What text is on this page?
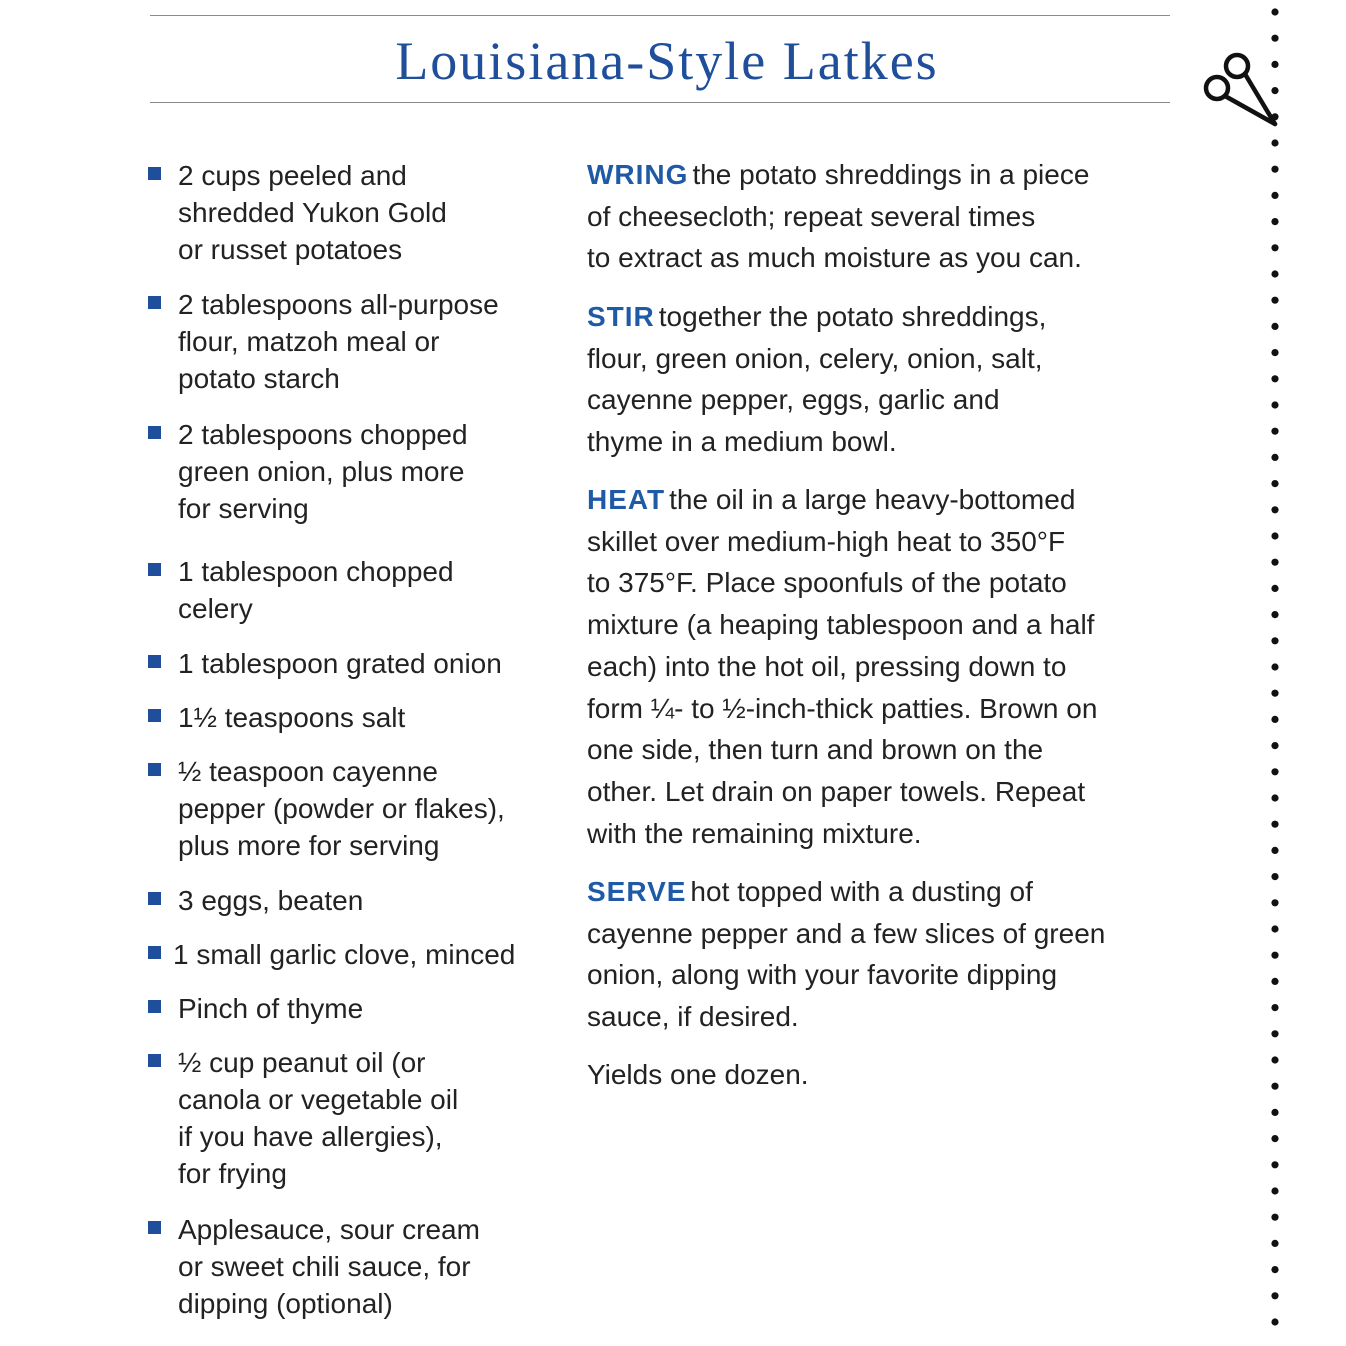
Louisiana-Style Latkes
2 cups peeled and
shredded Yukon Gold
or russet potatoes
2 tablespoons all-purpose
flour, matzoh meal or
potato starch
2 tablespoons chopped
green onion, plus more
for serving
1 tablespoon chopped
celery
1 tablespoon grated onion
1½ teaspoons salt
½ teaspoon cayenne
pepper (powder or flakes),
plus more for serving
3 eggs, beaten
1 small garlic clove, minced
Pinch of thyme
½ cup peanut oil (or
canola or vegetable oil
if you have allergies),
for frying
Applesauce, sour cream
or sweet chili sauce, for
dipping (optional)
WRING the potato shreddings in a piece
of cheesecloth; repeat several times
to extract as much moisture as you can.
STIR together the potato shreddings,
flour, green onion, celery, onion, salt,
cayenne pepper, eggs, garlic and
thyme in a medium bowl.
HEAT the oil in a large heavy-bottomed
skillet over medium-high heat to 350°F
to 375°F. Place spoonfuls of the potato
mixture (a heaping tablespoon and a half
each) into the hot oil, pressing down to
form ¼- to ½-inch-thick patties. Brown on
one side, then turn and brown on the
other. Let drain on paper towels. Repeat
with the remaining mixture.
SERVE hot topped with a dusting of
cayenne pepper and a few slices of green
onion, along with your favorite dipping
sauce, if desired.
Yields one dozen.
